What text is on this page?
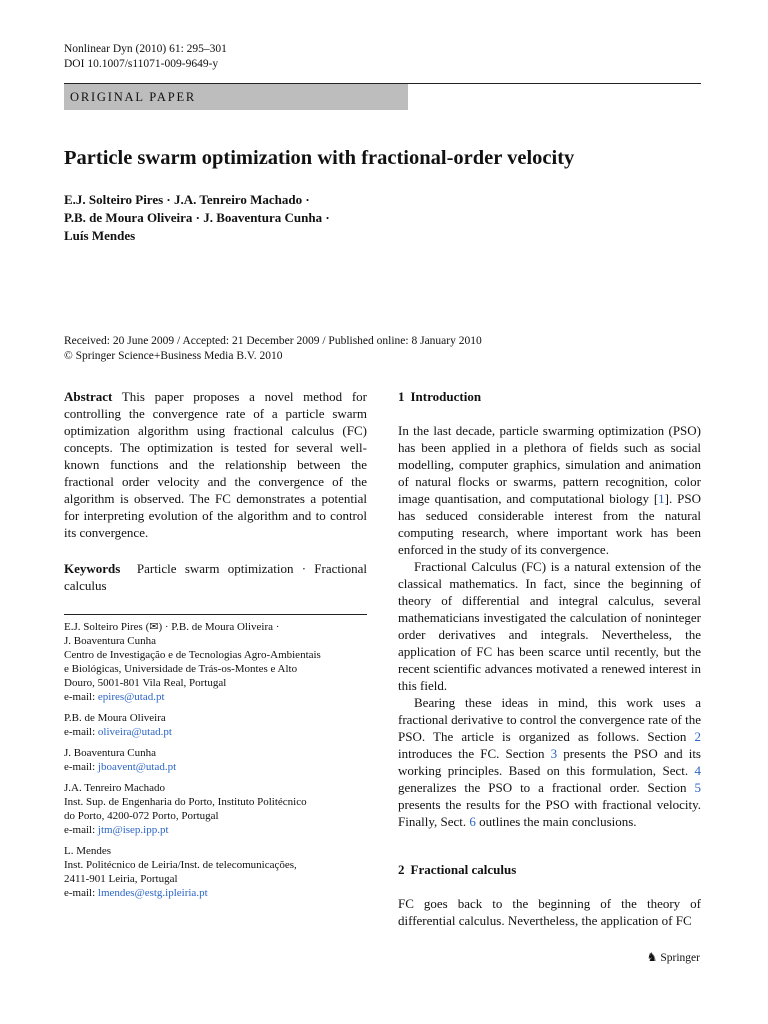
Nonlinear Dyn (2010) 61: 295–301
DOI 10.1007/s11071-009-9649-y
ORIGINAL PAPER
Particle swarm optimization with fractional-order velocity
E.J. Solteiro Pires · J.A. Tenreiro Machado ·
P.B. de Moura Oliveira · J. Boaventura Cunha ·
Luís Mendes
Received: 20 June 2009 / Accepted: 21 December 2009 / Published online: 8 January 2010
© Springer Science+Business Media B.V. 2010

Abstract This paper proposes a novel method for controlling the convergence rate of a particle swarm optimization algorithm using fractional calculus (FC) concepts. The optimization is tested for several well-known functions and the relationship between the fractional order velocity and the convergence of the algorithm is observed. The FC demonstrates a potential for interpreting evolution of the algorithm and to control its convergence.

Keywords Particle swarm optimization · Fractional calculus

E.J. Solteiro Pires (✉) · P.B. de Moura Oliveira ·

J. Boaventura Cunha

Centro de Investigação e de Tecnologias Agro-Ambientais

e Biológicas, Universidade de Trás-os-Montes e Alto

Douro, 5001-801 Vila Real, Portugal

e-mail: epires@utad.pt

P.B. de Moura Oliveira

e-mail: oliveira@utad.pt

J. Boaventura Cunha

e-mail: jboavent@utad.pt

J.A. Tenreiro Machado

Inst. Sup. de Engenharia do Porto, Instituto Politécnico

do Porto, 4200-072 Porto, Portugal

e-mail: jtm@isep.ipp.pt

L. Mendes

Inst. Politécnico de Leiria/Inst. de telecomunicações,

2411-901 Leiria, Portugal

e-mail: lmendes@estg.ipleiria.pt

1 Introduction

In the last decade, particle swarming optimization (PSO) has been applied in a plethora of fields such as social modelling, computer graphics, simulation and animation of natural flocks or swarms, pattern recognition, color image quantisation, and computational biology [1]. PSO has seduced considerable interest from the natural computing research, where important work has been enforced in the study of its convergence.

Fractional Calculus (FC) is a natural extension of the classical mathematics. In fact, since the beginning of theory of differential and integral calculus, several mathematicians investigated the calculation of noninteger order derivatives and integrals. Nevertheless, the application of FC has been scarce until recently, but the recent scientific advances motivated a renewed interest in this field.

Bearing these ideas in mind, this work uses a fractional derivative to control the convergence rate of the PSO. The article is organized as follows. Section 2 introduces the FC. Section 3 presents the PSO and its working principles. Based on this formulation, Sect. 4 generalizes the PSO to a fractional order. Section 5 presents the results for the PSO with fractional velocity. Finally, Sect. 6 outlines the main conclusions.

2 Fractional calculus

FC goes back to the beginning of the theory of differential calculus. Nevertheless, the application of FC

♞ Springer
